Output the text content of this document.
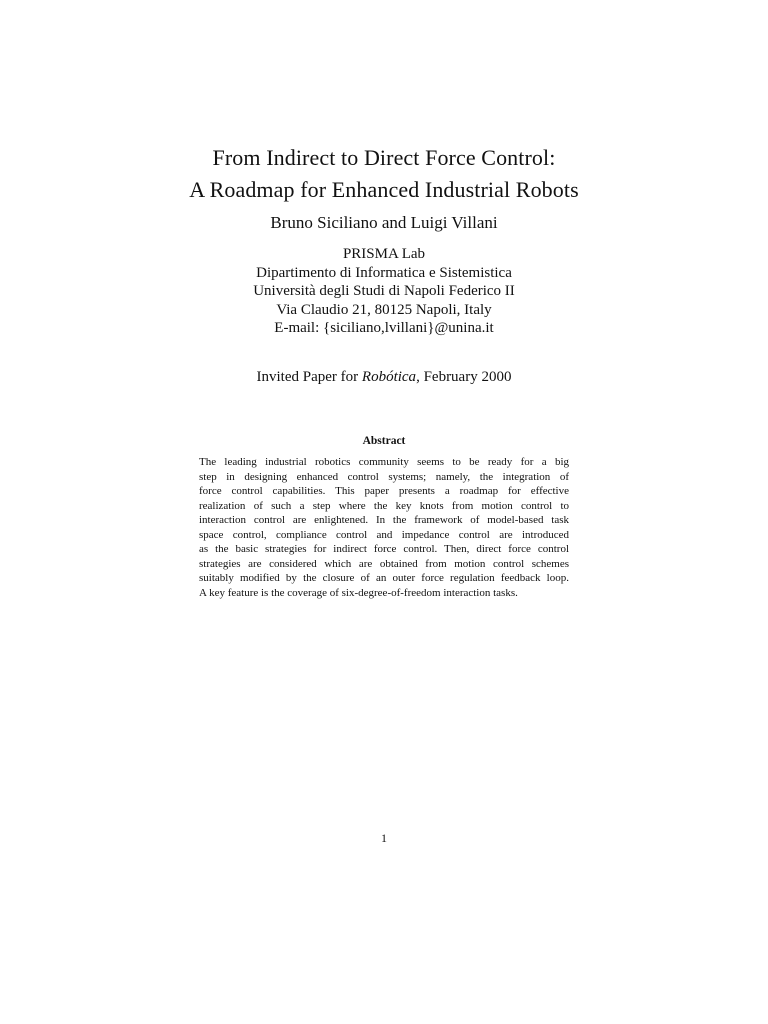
From Indirect to Direct Force Control:
A Roadmap for Enhanced Industrial Robots
Bruno Siciliano and Luigi Villani
PRISMA Lab
Dipartimento di Informatica e Sistemistica
Università degli Studi di Napoli Federico II
Via Claudio 21, 80125 Napoli, Italy
E-mail: {siciliano,lvillani}@unina.it
Invited Paper for Robótica, February 2000
Abstract
The leading industrial robotics community seems to be ready for a big
step in designing enhanced control systems; namely, the integration of
force control capabilities. This paper presents a roadmap for effective
realization of such a step where the key knots from motion control to
interaction control are enlightened. In the framework of model-based task
space control, compliance control and impedance control are introduced
as the basic strategies for indirect force control. Then, direct force control
strategies are considered which are obtained from motion control schemes
suitably modified by the closure of an outer force regulation feedback loop.
A key feature is the coverage of six-degree-of-freedom interaction tasks.
1
